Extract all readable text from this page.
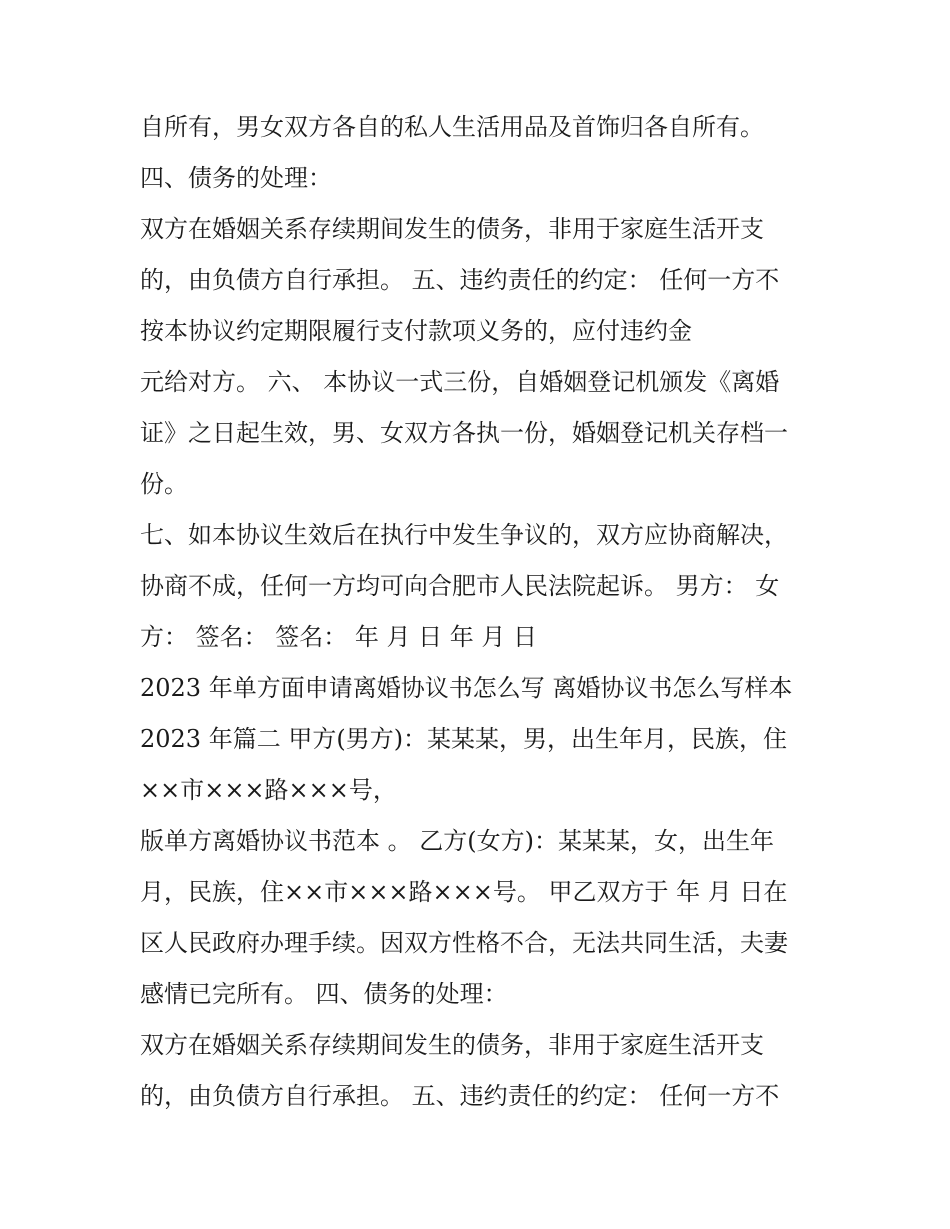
自所有，男女双方各自的私人生活用品及首饰归各自所有。
四、债务的处理：
双方在婚姻关系存续期间发生的债务，非用于家庭生活开支
的，由负债方自行承担。 五、违约责任的约定： 任何一方不
按本协议约定期限履行支付款项义务的，应付违约金
元给对方。 六、 本协议一式三份，自婚姻登记机颁发《离婚
证》之日起生效，男、女双方各执一份，婚姻登记机关存档一
份。
七、如本协议生效后在执行中发生争议的，双方应协商解决，
协商不成，任何一方均可向合肥市人民法院起诉。 男方： 女
方： 签名： 签名： 年 月 日 年 月 日
2023 年单方面申请离婚协议书怎么写 离婚协议书怎么写样本
2023 年篇二 甲方(男方)：某某某，男，出生年月，民族，住
××市×××路×××号，
版单方离婚协议书范本 。 乙方(女方)：某某某，女，出生年
月，民族，住××市×××路×××号。 甲乙双方于 年 月 日在
区人民政府办理手续。因双方性格不合，无法共同生活，夫妻
感情已完所有。 四、债务的处理：
双方在婚姻关系存续期间发生的债务，非用于家庭生活开支
的，由负债方自行承担。 五、违约责任的约定： 任何一方不
